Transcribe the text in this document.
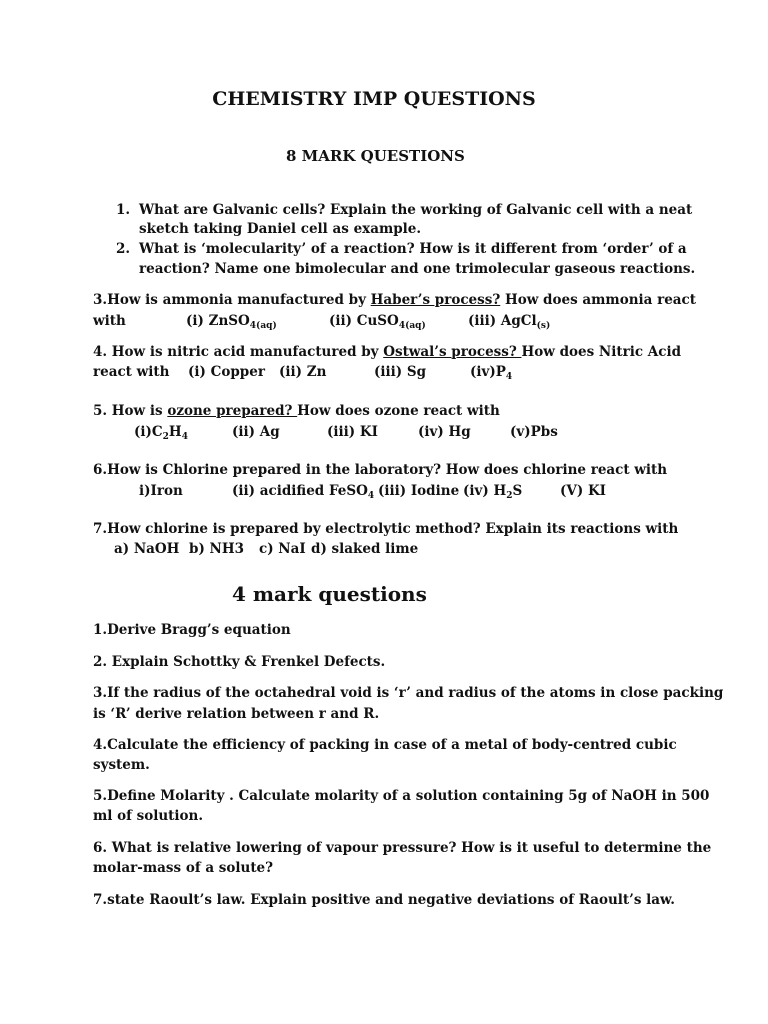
CHEMISTRY IMP QUESTIONS
8 MARK QUESTIONS
1. What are Galvanic cells? Explain the working of Galvanic cell with a neat
sketch taking Daniel cell as example.
2. What is ‘molecularity’ of a reaction? How is it different from ‘order’ of a
reaction? Name one bimolecular and one trimolecular gaseous reactions.
3.How is ammonia manufactured by Haber’s process? How does ammonia react
with	(i) ZnSO$_{4(aq)}$	(ii) CuSO$_{4(aq)}$	(iii) AgCl$_{(s)}$
4. How is nitric acid manufactured by Ostwal’s process? How does Nitric Acid
react with (i) Copper (ii) Zn	(iii) Sg	$(iv)P_4$
5. How is ozone prepared? How does ozone react with
$(i)C_2H_4$	(ii) Ag	(iii) KI	(iv) Hg	(v)Pbs
6.How is Chlorine prepared in the laboratory? How does chlorine react with
i)Iron	(ii) acidified FeSO$_4$ (iii) Iodine (iv) $H_2S$	(V) KI
7.How chlorine is prepared by electrolytic method? Explain its reactions with
a) NaOH b) NH3 c) NaI d) slaked lime
4 mark questions
1.Derive Bragg’s equation
2. Explain Schottky & Frenkel Defects.
3.If the radius of the octahedral void is ‘r’ and radius of the atoms in close packing
is ‘R’ derive relation between r and R.
4.Calculate the efficiency of packing in case of a metal of body-centred cubic
system.
5.Define Molarity . Calculate molarity of a solution containing 5g of NaOH in 500
ml of solution.
6. What is relative lowering of vapour pressure? How is it useful to determine the
molar-mass of a solute?
7.state Raoult’s law. Explain positive and negative deviations of Raoult’s law.
